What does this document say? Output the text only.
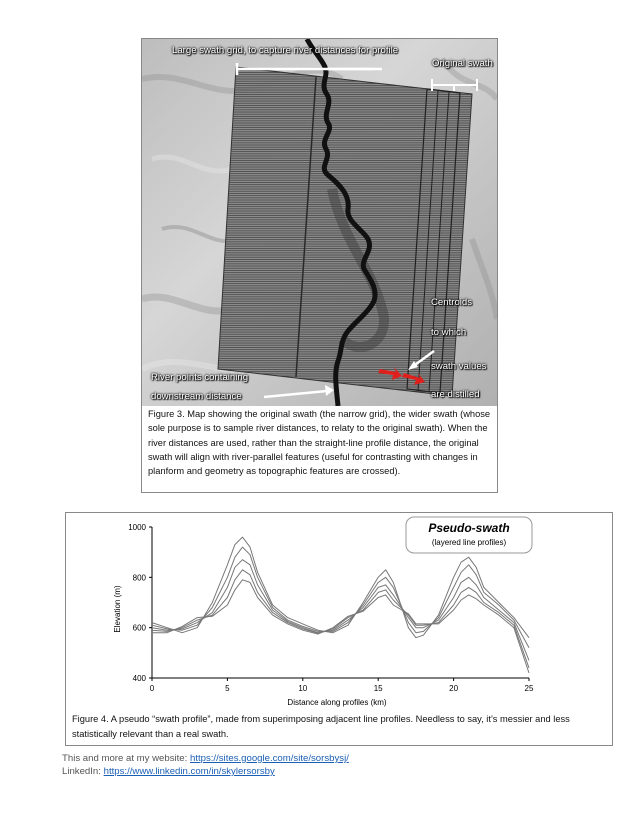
Large swath grid, to capture river distances for profile
Original swath
Centroids
to which
swath values
are distilled
River points containing
downstream distance
Figure 3. Map showing the original swath (the narrow grid), the wider swath (whose sole purpose is to sample river distances, to relaty to the original swath). When the river distances are used, rather than the straight-line profile distance, the original swath will align with river-parallel features (useful for contrasting with changes in planform and geometry as topographic features are crossed).
400
600
800
1000
0	5	10	15	20	25
Pseudo-swath
(layered line profiles)
Distance along profiles (km)
Elevation (m)
Figure 4. A pseudo “swath profile”, made from superimposing adjacent line profiles. Needless to say, it’s messier and less statistically relevant than a real swath.
This and more at my website: https://sites.google.com/site/sorsbysj/
LinkedIn: https://www.linkedin.com/in/skylersorsby
